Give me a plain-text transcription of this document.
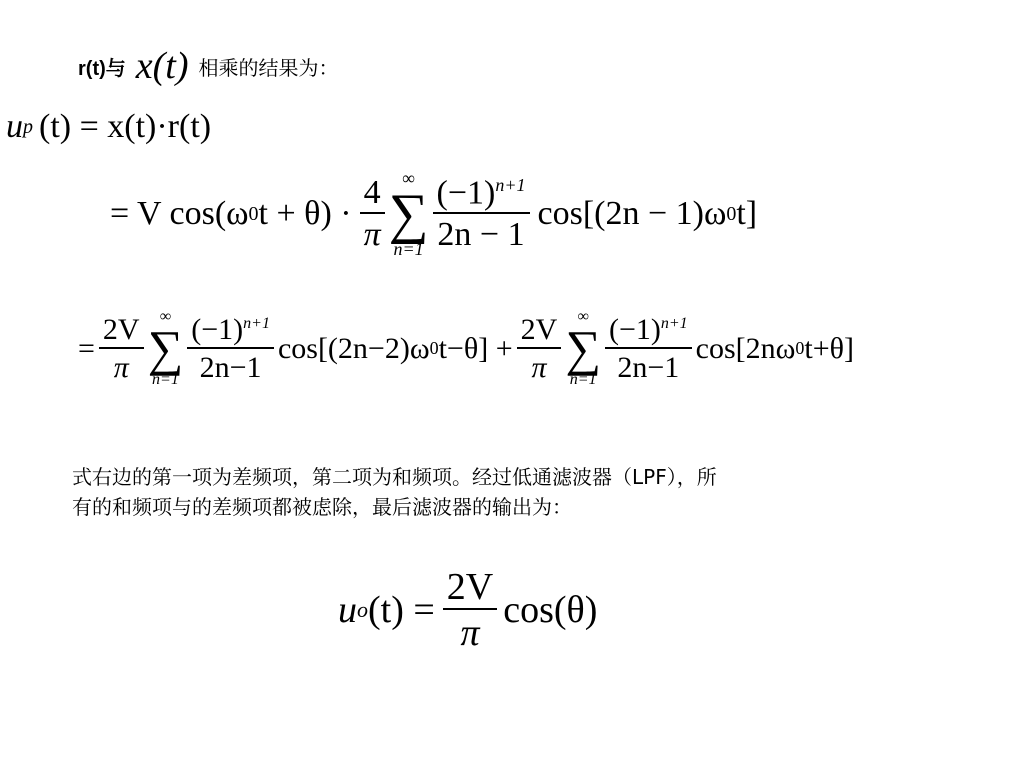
r(t)与 x(t) 相乘的结果为：
u p (t) = x(t)·r(t)
= V cos(ω 0 $t + \theta) \cdot \frac{4}{\pi}$ ∞
∑
$n=1 \frac{(-1)^{n+1}}{2n - 1} \cos[(2n - 1)\omega$ 0 t]
= $\frac{2V}{\pi}$ ∞
∑
$n=1 \frac{(-1)^{n+1}}{2n-1} \cos[(2n-2)\omega$ 0 $t-\theta] + \frac{2V}{\pi}$ ∞
∑
$n=1 \frac{(-1)^{n+1}}{2n-1} \cos[2n\omega$ 0 t+θ]
式右边的第一项为差频项，第二项为和频项。经过低通滤波器（LPF），所
有的和频项与的差频项都被虑除，最后滤波器的输出为：
u o $(t) = \frac{2V}{\pi} \cos(\theta)$
